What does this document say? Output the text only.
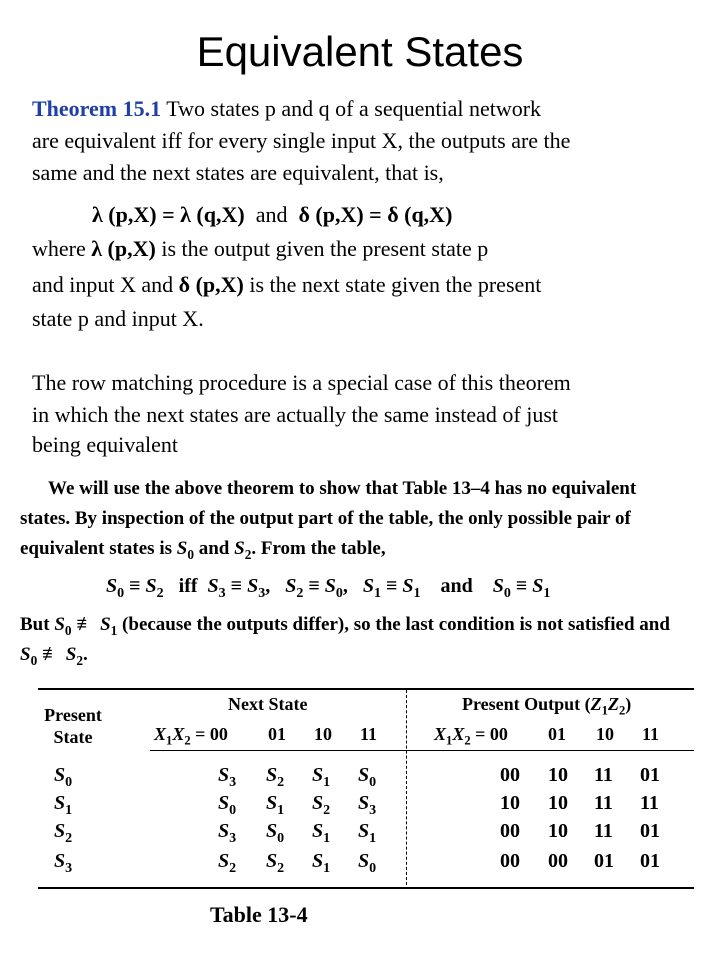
Equivalent States
Theorem 15.1 Two states p and q of a sequential network
are equivalent iff for every single input X, the outputs are the
same and the next states are equivalent, that is,
λ (p,X) = λ (q,X) and δ (p,X) = δ (q,X)
where λ (p,X) is the output given the present state p
and input X and δ (p,X) is the next state given the present
state p and input X.
The row matching procedure is a special case of this theorem
in which the next states are actually the same instead of just
being equivalent
We will use the above theorem to show that Table 13–4 has no equivalent
states. By inspection of the output part of the table, the only possible pair of
equivalent states is $S_0$ and $S_2$. From the table,
$S_0 \equiv S_2$ iff $S_3 \equiv S_3$,   $S_2 \equiv S_0$,   $S_1 \equiv S_1$ and $S_0 \equiv S_1$
But $S_0$ ≢ $S_1$ (because the outputs differ), so the last condition is not satisfied and
$S_0$ ≢ $S_2$.
Present
State
Next State	Present Output $(Z_1Z_2)$
$X_1X_2 = 00$ 01 10 11	$X_1X_2 = 00$ 01 10 11
$S_0$	$S_3$ $S_2$ $S_1$ $S_0$	00 10 11 01
$S_1$	$S_0$ $S_1$ $S_2$ $S_3$	10 10 11 11
$S_2$	$S_3$ $S_0$ $S_1$ $S_1$	00 10 11 01
$S_3$	$S_2$ $S_2$ $S_1$ $S_0$	00 00 01 01
Table 13-4
